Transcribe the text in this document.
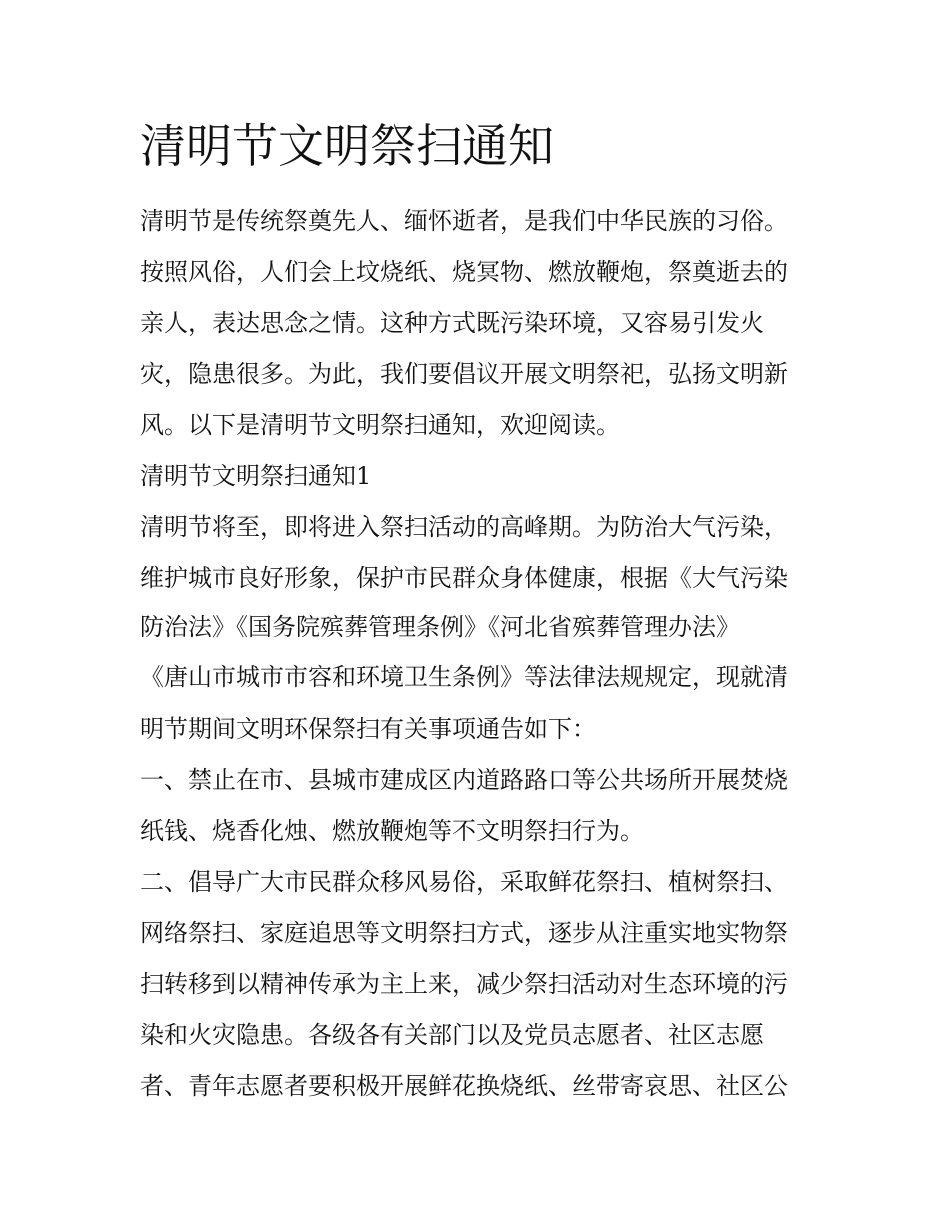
清明节文明祭扫通知

清明节是传统祭奠先人、缅怀逝者，是我们中华民族的习俗。

按照风俗，人们会上坟烧纸、烧冥物、燃放鞭炮，祭奠逝去的

亲人，表达思念之情。这种方式既污染环境，又容易引发火

灾，隐患很多。为此，我们要倡议开展文明祭祀，弘扬文明新

风。以下是清明节文明祭扫通知，欢迎阅读。

清明节文明祭扫通知1

清明节将至，即将进入祭扫活动的高峰期。为防治大气污染，

维护城市良好形象，保护市民群众身体健康，根据《大气污染

防治法》《国务院殡葬管理条例》《河北省殡葬管理办法》

《唐山市城市市容和环境卫生条例》等法律法规规定，现就清

明节期间文明环保祭扫有关事项通告如下：

一、禁止在市、县城市建成区内道路路口等公共场所开展焚烧

纸钱、烧香化烛、燃放鞭炮等不文明祭扫行为。

二、倡导广大市民群众移风易俗，采取鲜花祭扫、植树祭扫、

网络祭扫、家庭追思等文明祭扫方式，逐步从注重实地实物祭

扫转移到以精神传承为主上来，减少祭扫活动对生态环境的污

染和火灾隐患。各级各有关部门以及党员志愿者、社区志愿

者、青年志愿者要积极开展鲜花换烧纸、丝带寄哀思、社区公
